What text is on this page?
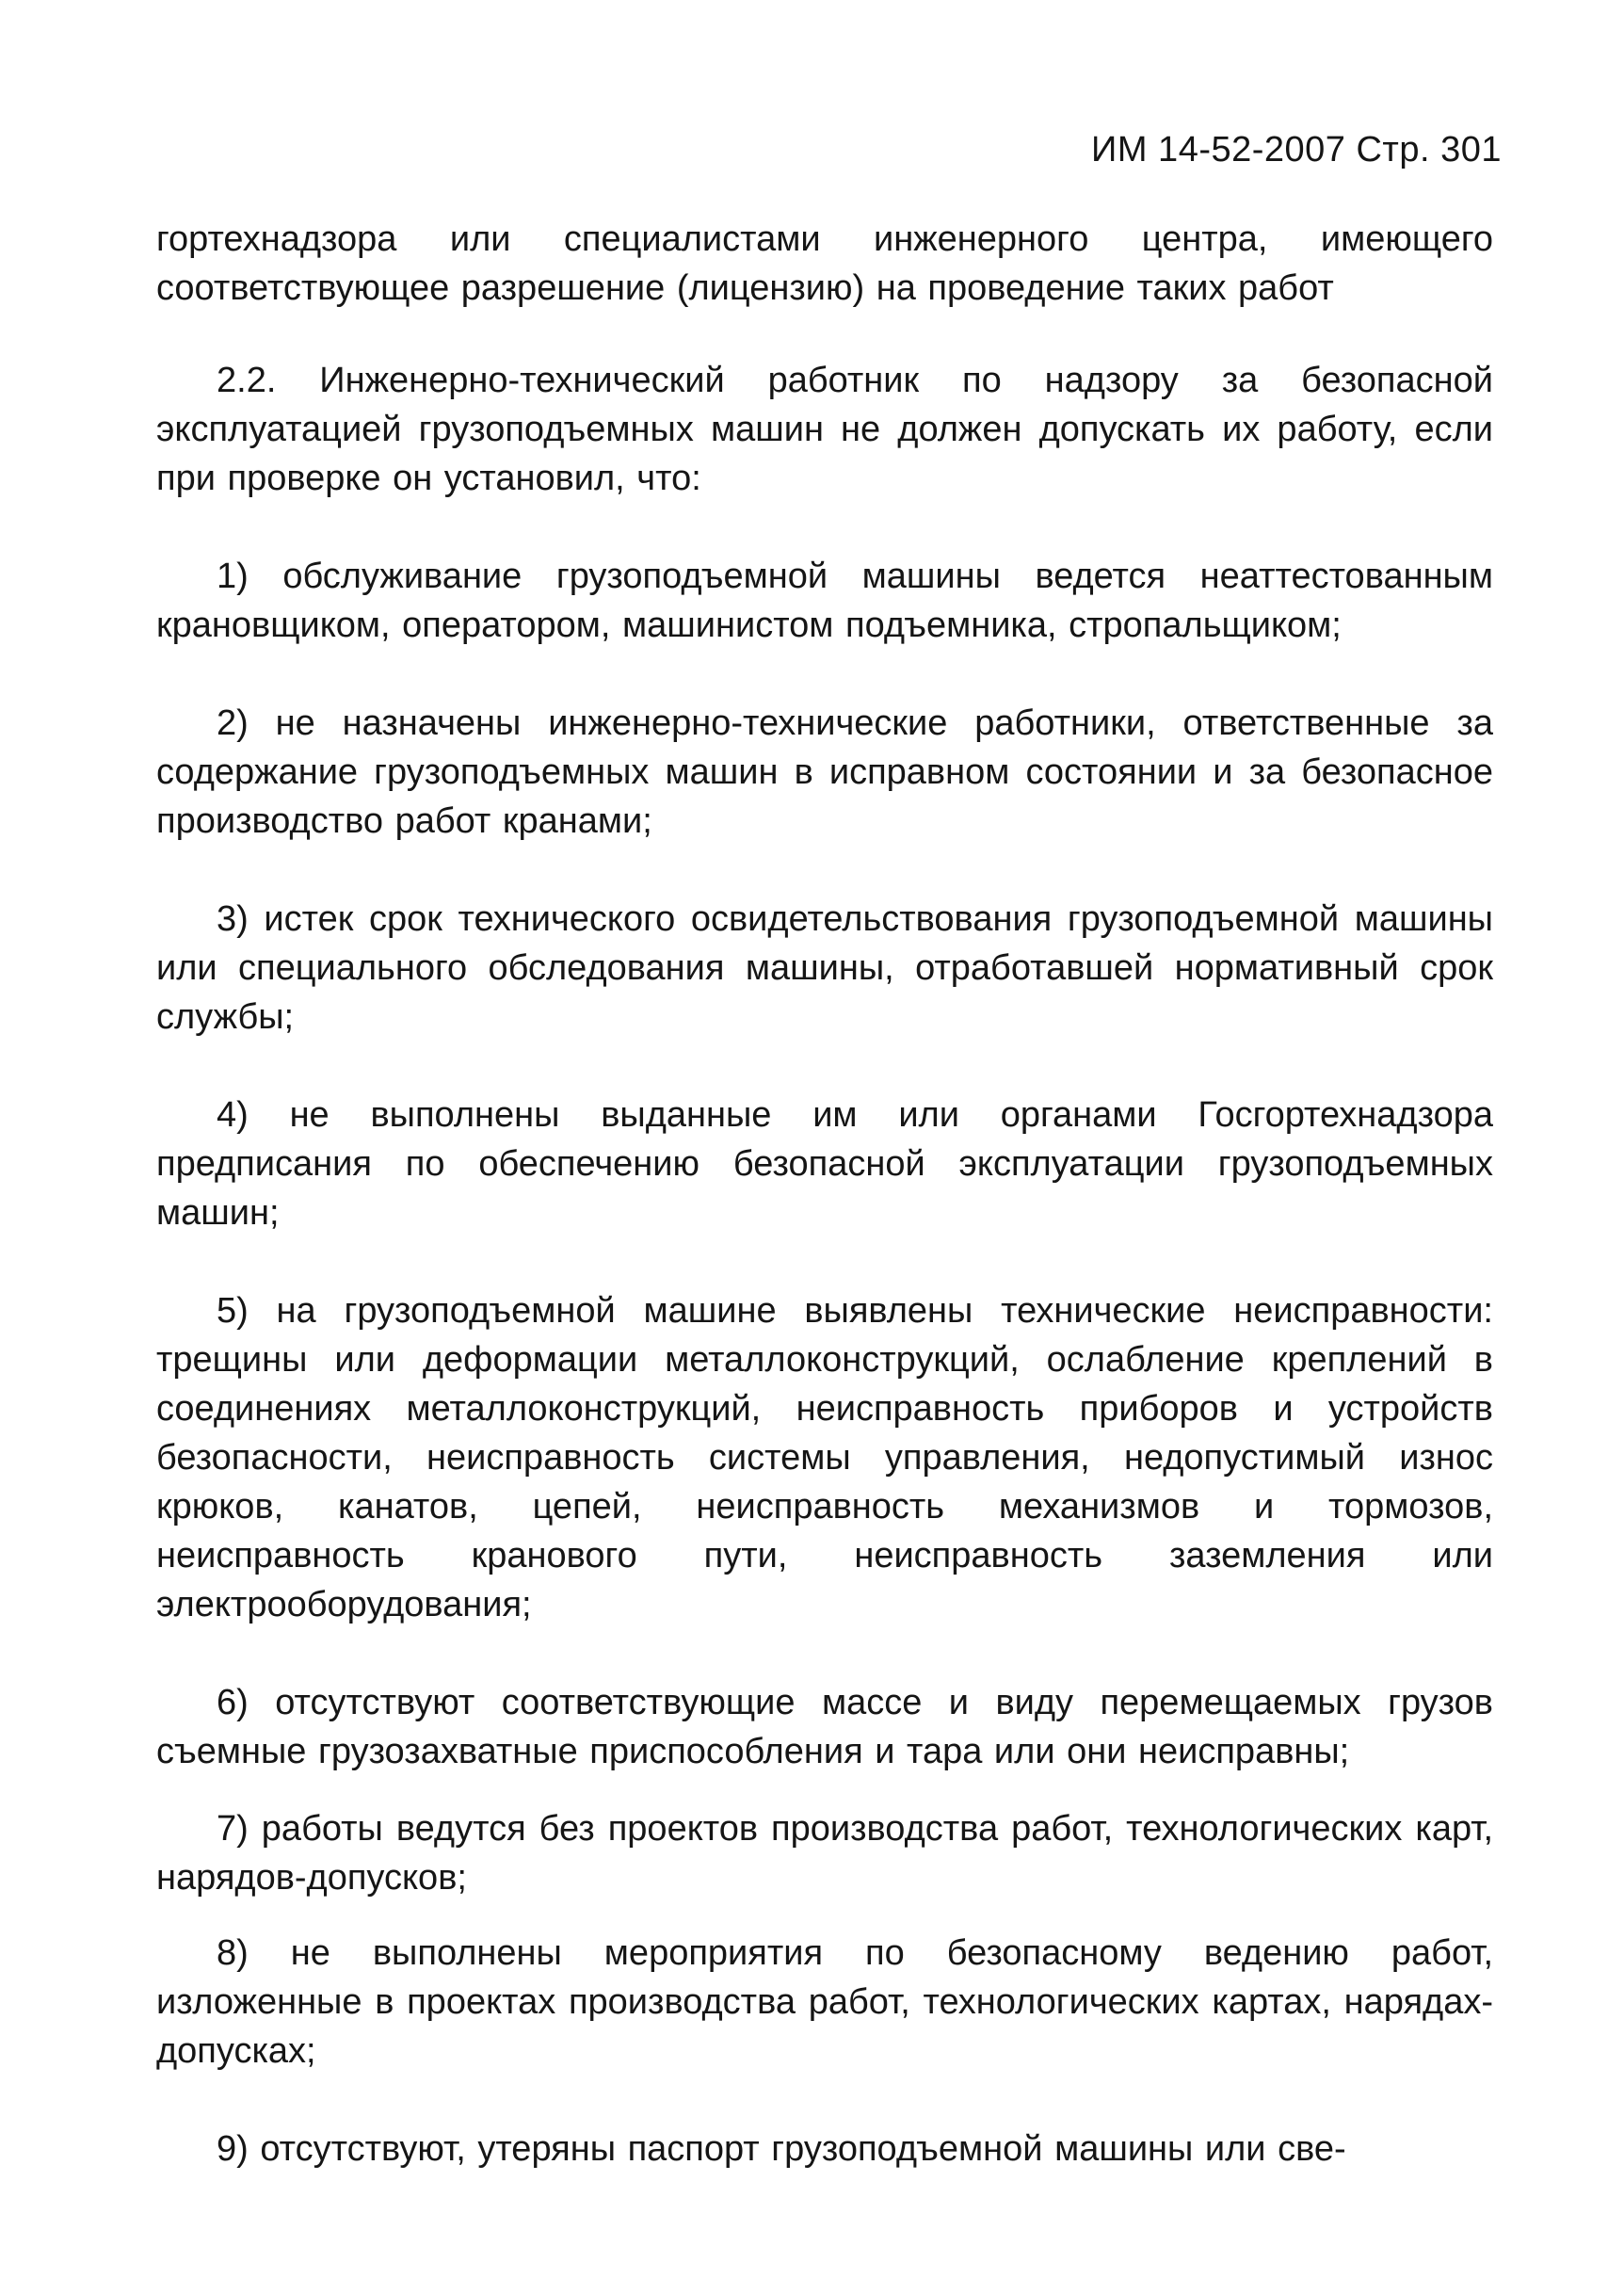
ИМ 14-52-2007 Стр. 301

гортехнадзора или специалистами инженерного центра, имеющего соответствующее разрешение (лицензию) на проведение таких работ

2.2. Инженерно-технический работник по надзору за безопасной эксплуатацией грузоподъемных машин не должен допускать их работу, если при проверке он установил, что:

1) обслуживание грузоподъемной машины ведется неаттестованным крановщиком, оператором, машинистом подъемника, стропальщиком;

2) не назначены инженерно-технические работники, ответственные за содержание грузоподъемных машин в исправном состоянии и за безопасное производство работ кранами;

3) истек срок технического освидетельствования грузоподъемной машины или специального обследования машины, отработавшей нормативный срок службы;

4) не выполнены выданные им или органами Госгортехнадзора предписания по обеспечению безопасной эксплуатации грузоподъемных машин;

5) на грузоподъемной машине выявлены технические неисправности: трещины или деформации металлоконструкций, ослабление креплений в соединениях металлоконструкций, неисправность приборов и устройств безопасности, неисправность системы управления, недопустимый износ крюков, канатов, цепей, неисправность механизмов и тормозов, неисправность кранового пути, неисправность заземления или электрооборудования;

6) отсутствуют соответствующие массе и виду перемещаемых грузов съемные грузозахватные приспособления и тара или они неисправны;

7) работы ведутся без проектов производства работ, технологических карт, нарядов-допусков;

8) не выполнены мероприятия по безопасному ведению работ, изложенные в проектах производства работ, технологических картах, нарядах-допусках;

9) отсутствуют, утеряны паспорт грузоподъемной машины или све-
